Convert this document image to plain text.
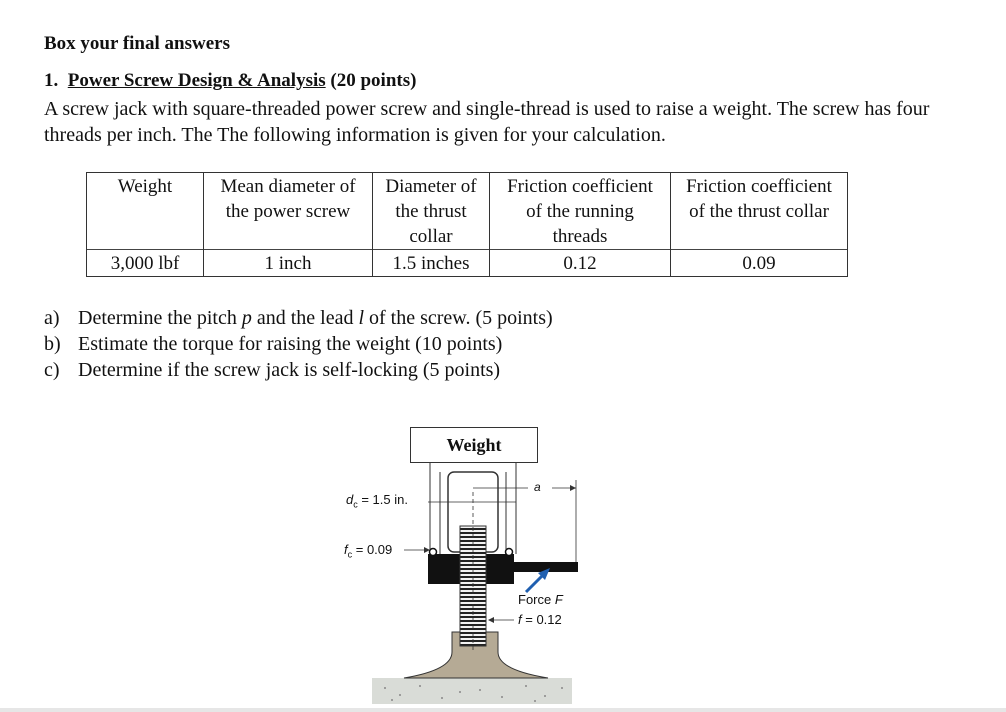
Box your final answers
1. Power Screw Design & Analysis (20 points)
A screw jack with square-threaded power screw and single-thread is used to raise a weight. The screw has four threads per inch. The The following information is given for your calculation.
Weight	Mean diameter of the power screw	Diameter of the thrust collar	Friction coefficient of the running threads	Friction coefficient of the thrust collar
3,000 lbf	1 inch	1.5 inches	0.12	0.09
a) Determine the pitch p and the lead l of the screw. (5 points)
b) Estimate the torque for raising the weight (10 points)
c) Determine if the screw jack is self-locking (5 points)
Weight
$d_c = 1.5$ in.
$f_c = 0.09$
a
Force F
f = 0.12
